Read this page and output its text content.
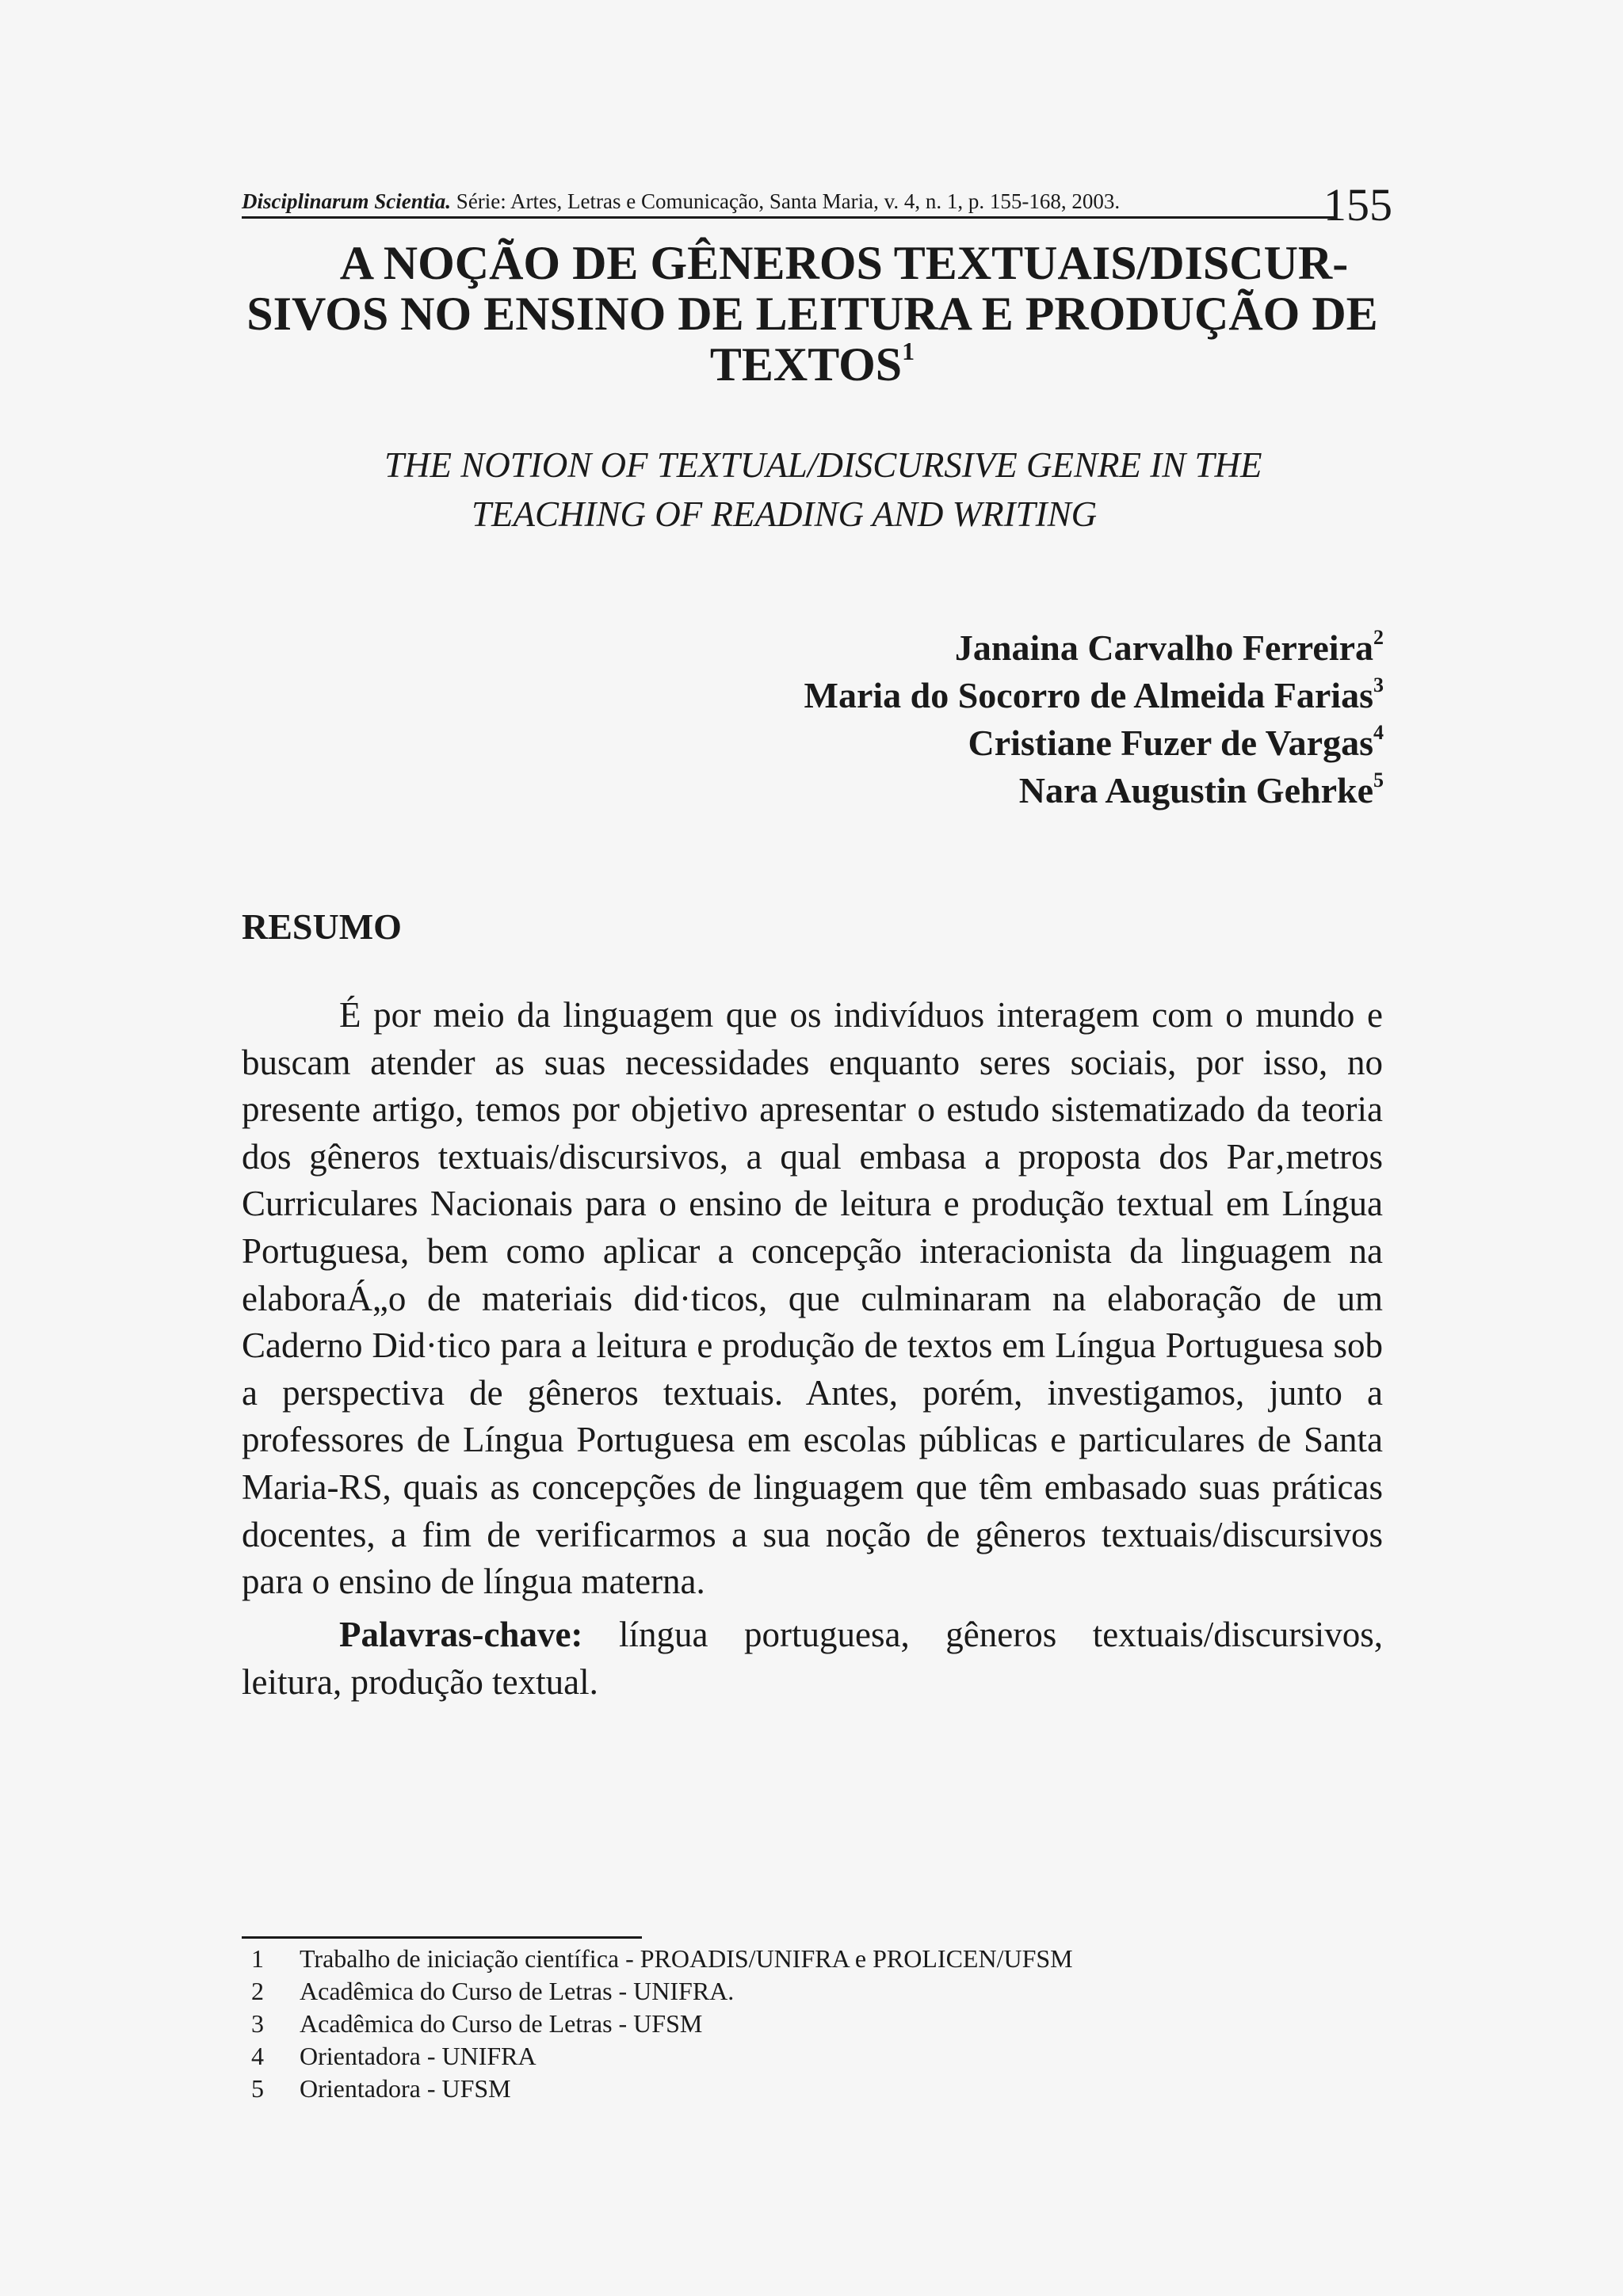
Disciplinarum Scientia. Série: Artes, Letras e Comunicação, Santa Maria, v. 4, n. 1, p. 155-168, 2003.	155
A NOÇÃO DE GÊNEROS TEXTUAIS/DISCUR-
SIVOS NO ENSINO DE LEITURA E PRODUÇÃO DE
TEXTOS$^1$
THE NOTION OF TEXTUAL/DISCURSIVE GENRE IN THE
TEACHING OF READING AND WRITING
Janaina Carvalho Ferreira$^2$
Maria do Socorro de Almeida Farias$^3$
Cristiane Fuzer de Vargas$^4$
Nara Augustin Gehrke$^5$
RESUMO

É por meio da linguagem que os indivíduos interagem com o mundo e buscam atender as suas necessidades enquanto seres sociais, por isso, no presente artigo, temos por objetivo apresentar o estudo sistematizado da teoria dos gêneros textuais/discursivos, a qual embasa a proposta dos Par‚metros Curriculares Nacionais para o ensino de leitura e produção textual em Língua Portuguesa, bem como aplicar a concepção interacionista da linguagem na elaboraÁ„o de materiais did·ticos, que culminaram na elaboração de um Caderno Did·tico para a leitura e produção de textos em Língua Portuguesa sob a perspectiva de gêneros textuais. Antes, porém, investigamos, junto a professores de Língua Portuguesa em escolas públicas e particulares de Santa Maria-RS, quais as concepções de linguagem que têm embasado suas práticas docentes, a fim de verificarmos a sua noção de gêneros textuais/discursivos para o ensino de língua materna.

Palavras-chave: língua portuguesa, gêneros textuais/discursivos, leitura, produção textual.

1	Trabalho de iniciação científica - PROADIS/UNIFRA e PROLICEN/UFSM
2	Acadêmica do Curso de Letras - UNIFRA.
3	Acadêmica do Curso de Letras - UFSM
4	Orientadora - UNIFRA
5	Orientadora - UFSM
